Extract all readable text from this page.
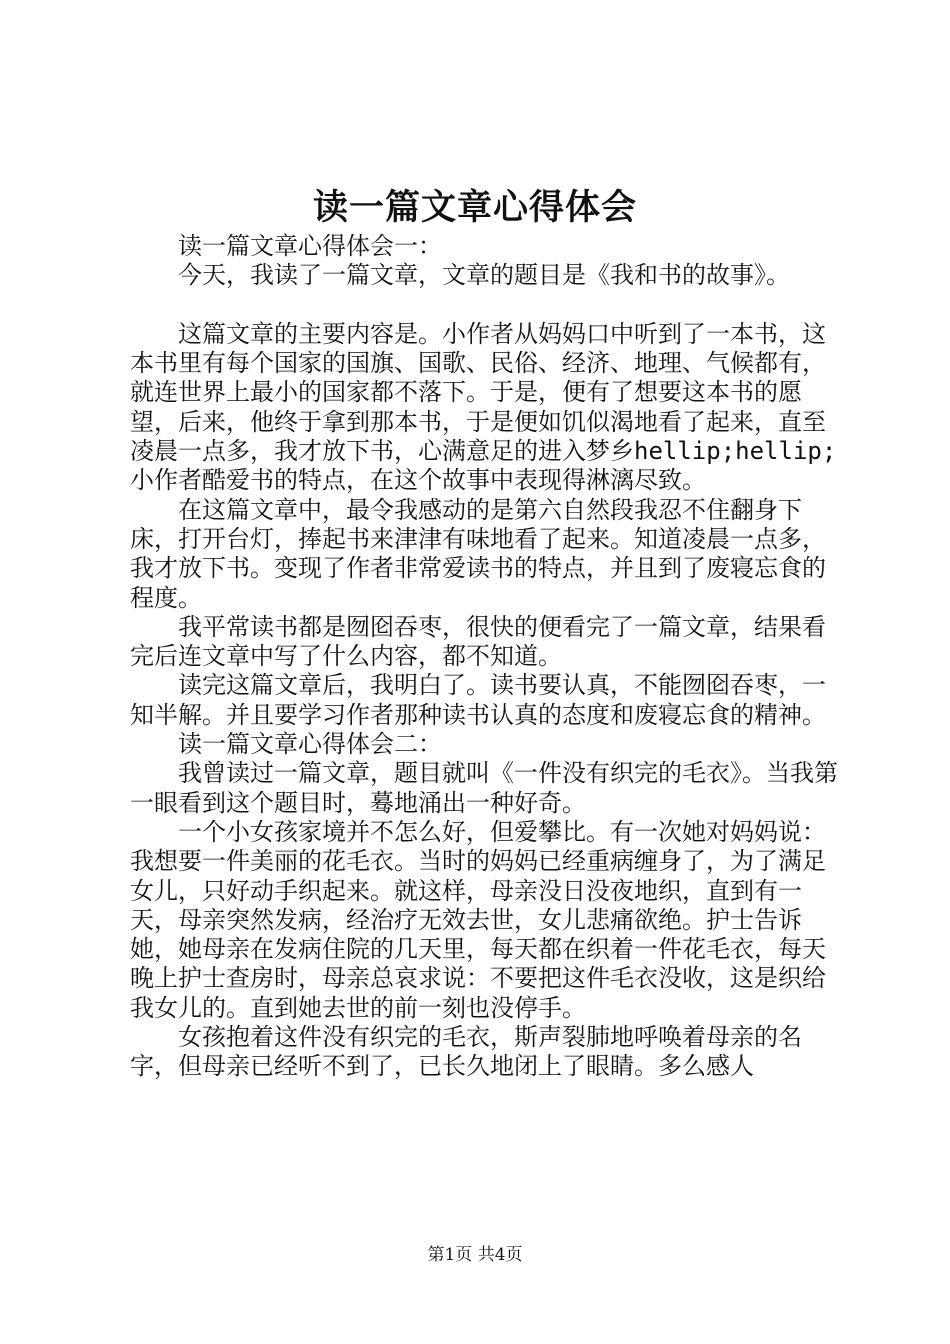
读一篇文章心得体会

读一篇文章心得体会一：

今天，我读了一篇文章，文章的题目是《我和书的故事》。

这篇文章的主要内容是。小作者从妈妈口中听到了一本书，这本书里有每个国家的国旗、国歌、民俗、经济、地理、气候都有，就连世界上最小的国家都不落下。于是，便有了想要这本书的愿望，后来，他终于拿到那本书，于是便如饥似渴地看了起来，直至凌晨一点多，我才放下书，心满意足的进入梦乡hellip;hellip;小作者酷爱书的特点，在这个故事中表现得淋漓尽致。

在这篇文章中，最令我感动的是第六自然段我忍不住翻身下床，打开台灯，捧起书来津津有味地看了起来。知道凌晨一点多，我才放下书。变现了作者非常爱读书的特点，并且到了废寝忘食的程度。

我平常读书都是囫囵吞枣，很快的便看完了一篇文章，结果看完后连文章中写了什么内容，都不知道。

读完这篇文章后，我明白了。读书要认真，不能囫囵吞枣，一知半解。并且要学习作者那种读书认真的态度和废寝忘食的精神。

读一篇文章心得体会二：

我曾读过一篇文章，题目就叫《一件没有织完的毛衣》。当我第一眼看到这个题目时，蓦地涌出一种好奇。

一个小女孩家境并不怎么好，但爱攀比。有一次她对妈妈说：我想要一件美丽的花毛衣。当时的妈妈已经重病缠身了，为了满足女儿，只好动手织起来。就这样，母亲没日没夜地织，直到有一天，母亲突然发病，经治疗无效去世，女儿悲痛欲绝。护士告诉她，她母亲在发病住院的几天里，每天都在织着一件花毛衣，每天晚上护士查房时，母亲总哀求说：不要把这件毛衣没收，这是织给我女儿的。直到她去世的前一刻也没停手。

女孩抱着这件没有织完的毛衣，斯声裂肺地呼唤着母亲的名字，但母亲已经听不到了，已长久地闭上了眼睛。多么感人

第1页 共4页
